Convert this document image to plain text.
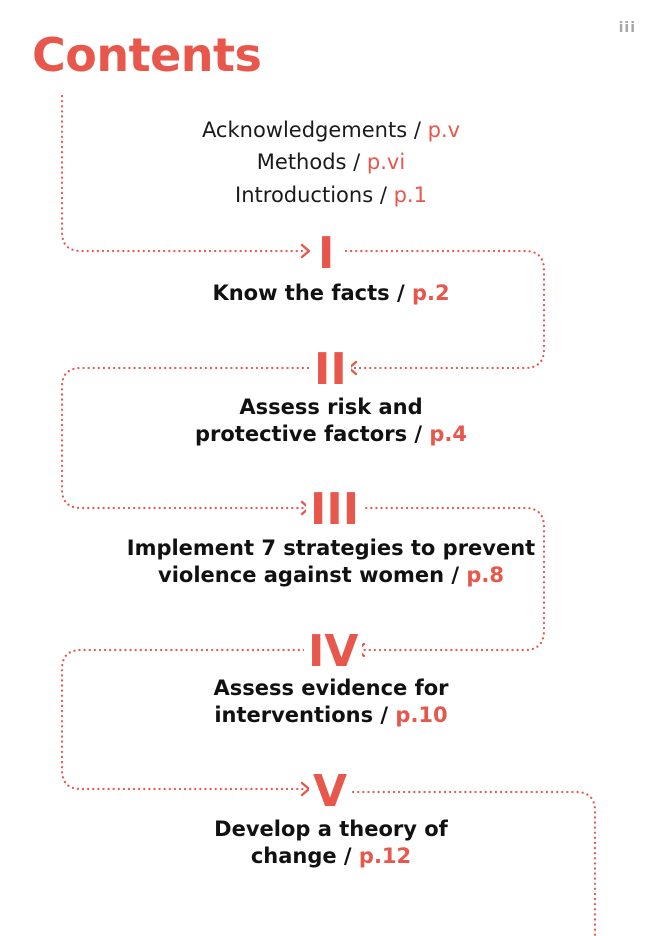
iii
Contents
Acknowledgements / p.v
Methods / p.vi
Introductions / p.1
I
Know the facts / p.2
II
Assess risk and
protective factors / p.4
III
Implement 7 strategies to prevent
violence against women / p.8
IV
Assess evidence for
interventions / p.10
V
Develop a theory of
change / p.12
